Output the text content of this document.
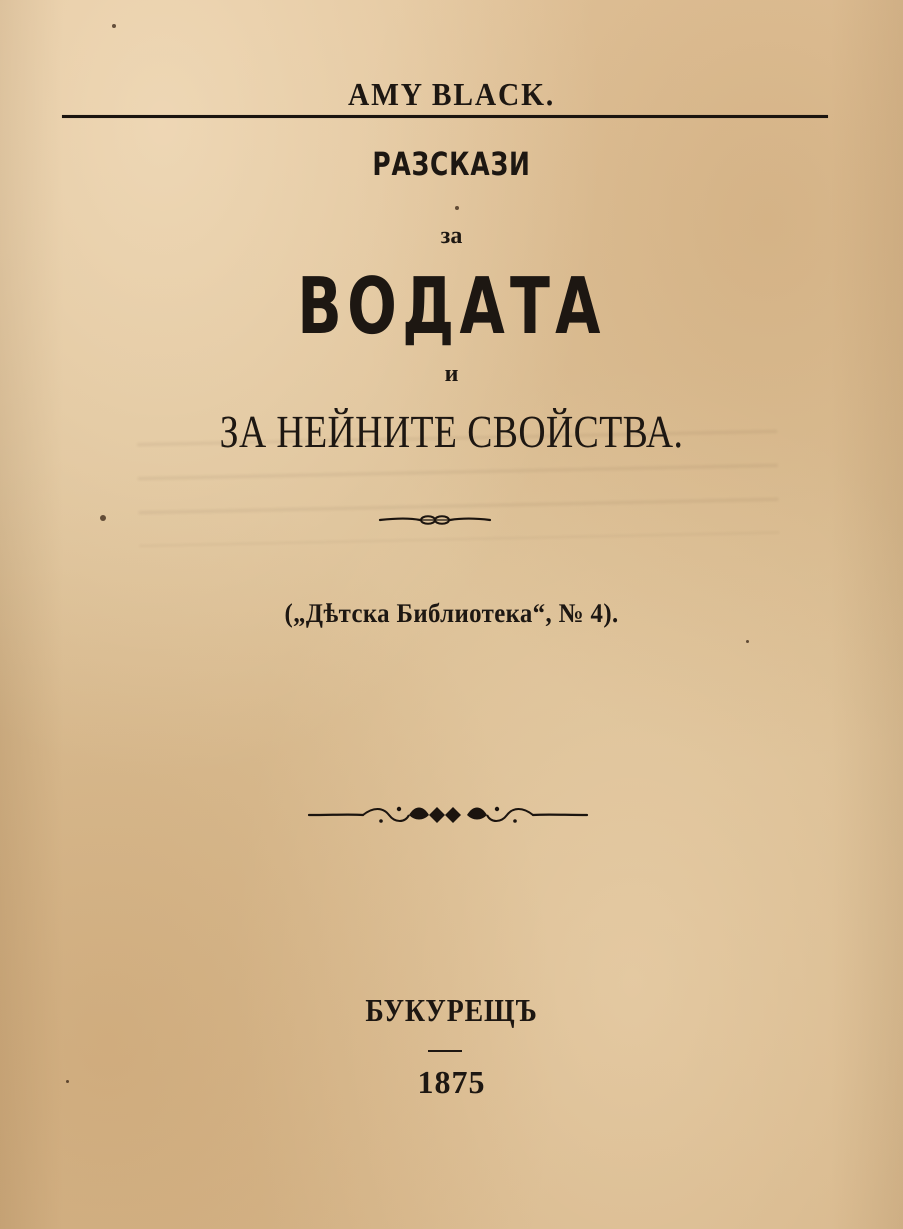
AMY BLACK.
РАЗСКАЗИ
за
ВОДАТА
и
ЗА НЕЙНИТЕ СВОЙСТВА.
(„Дѣтска Библиотека“, № 4).
БУКУРЕЩЪ
1875
